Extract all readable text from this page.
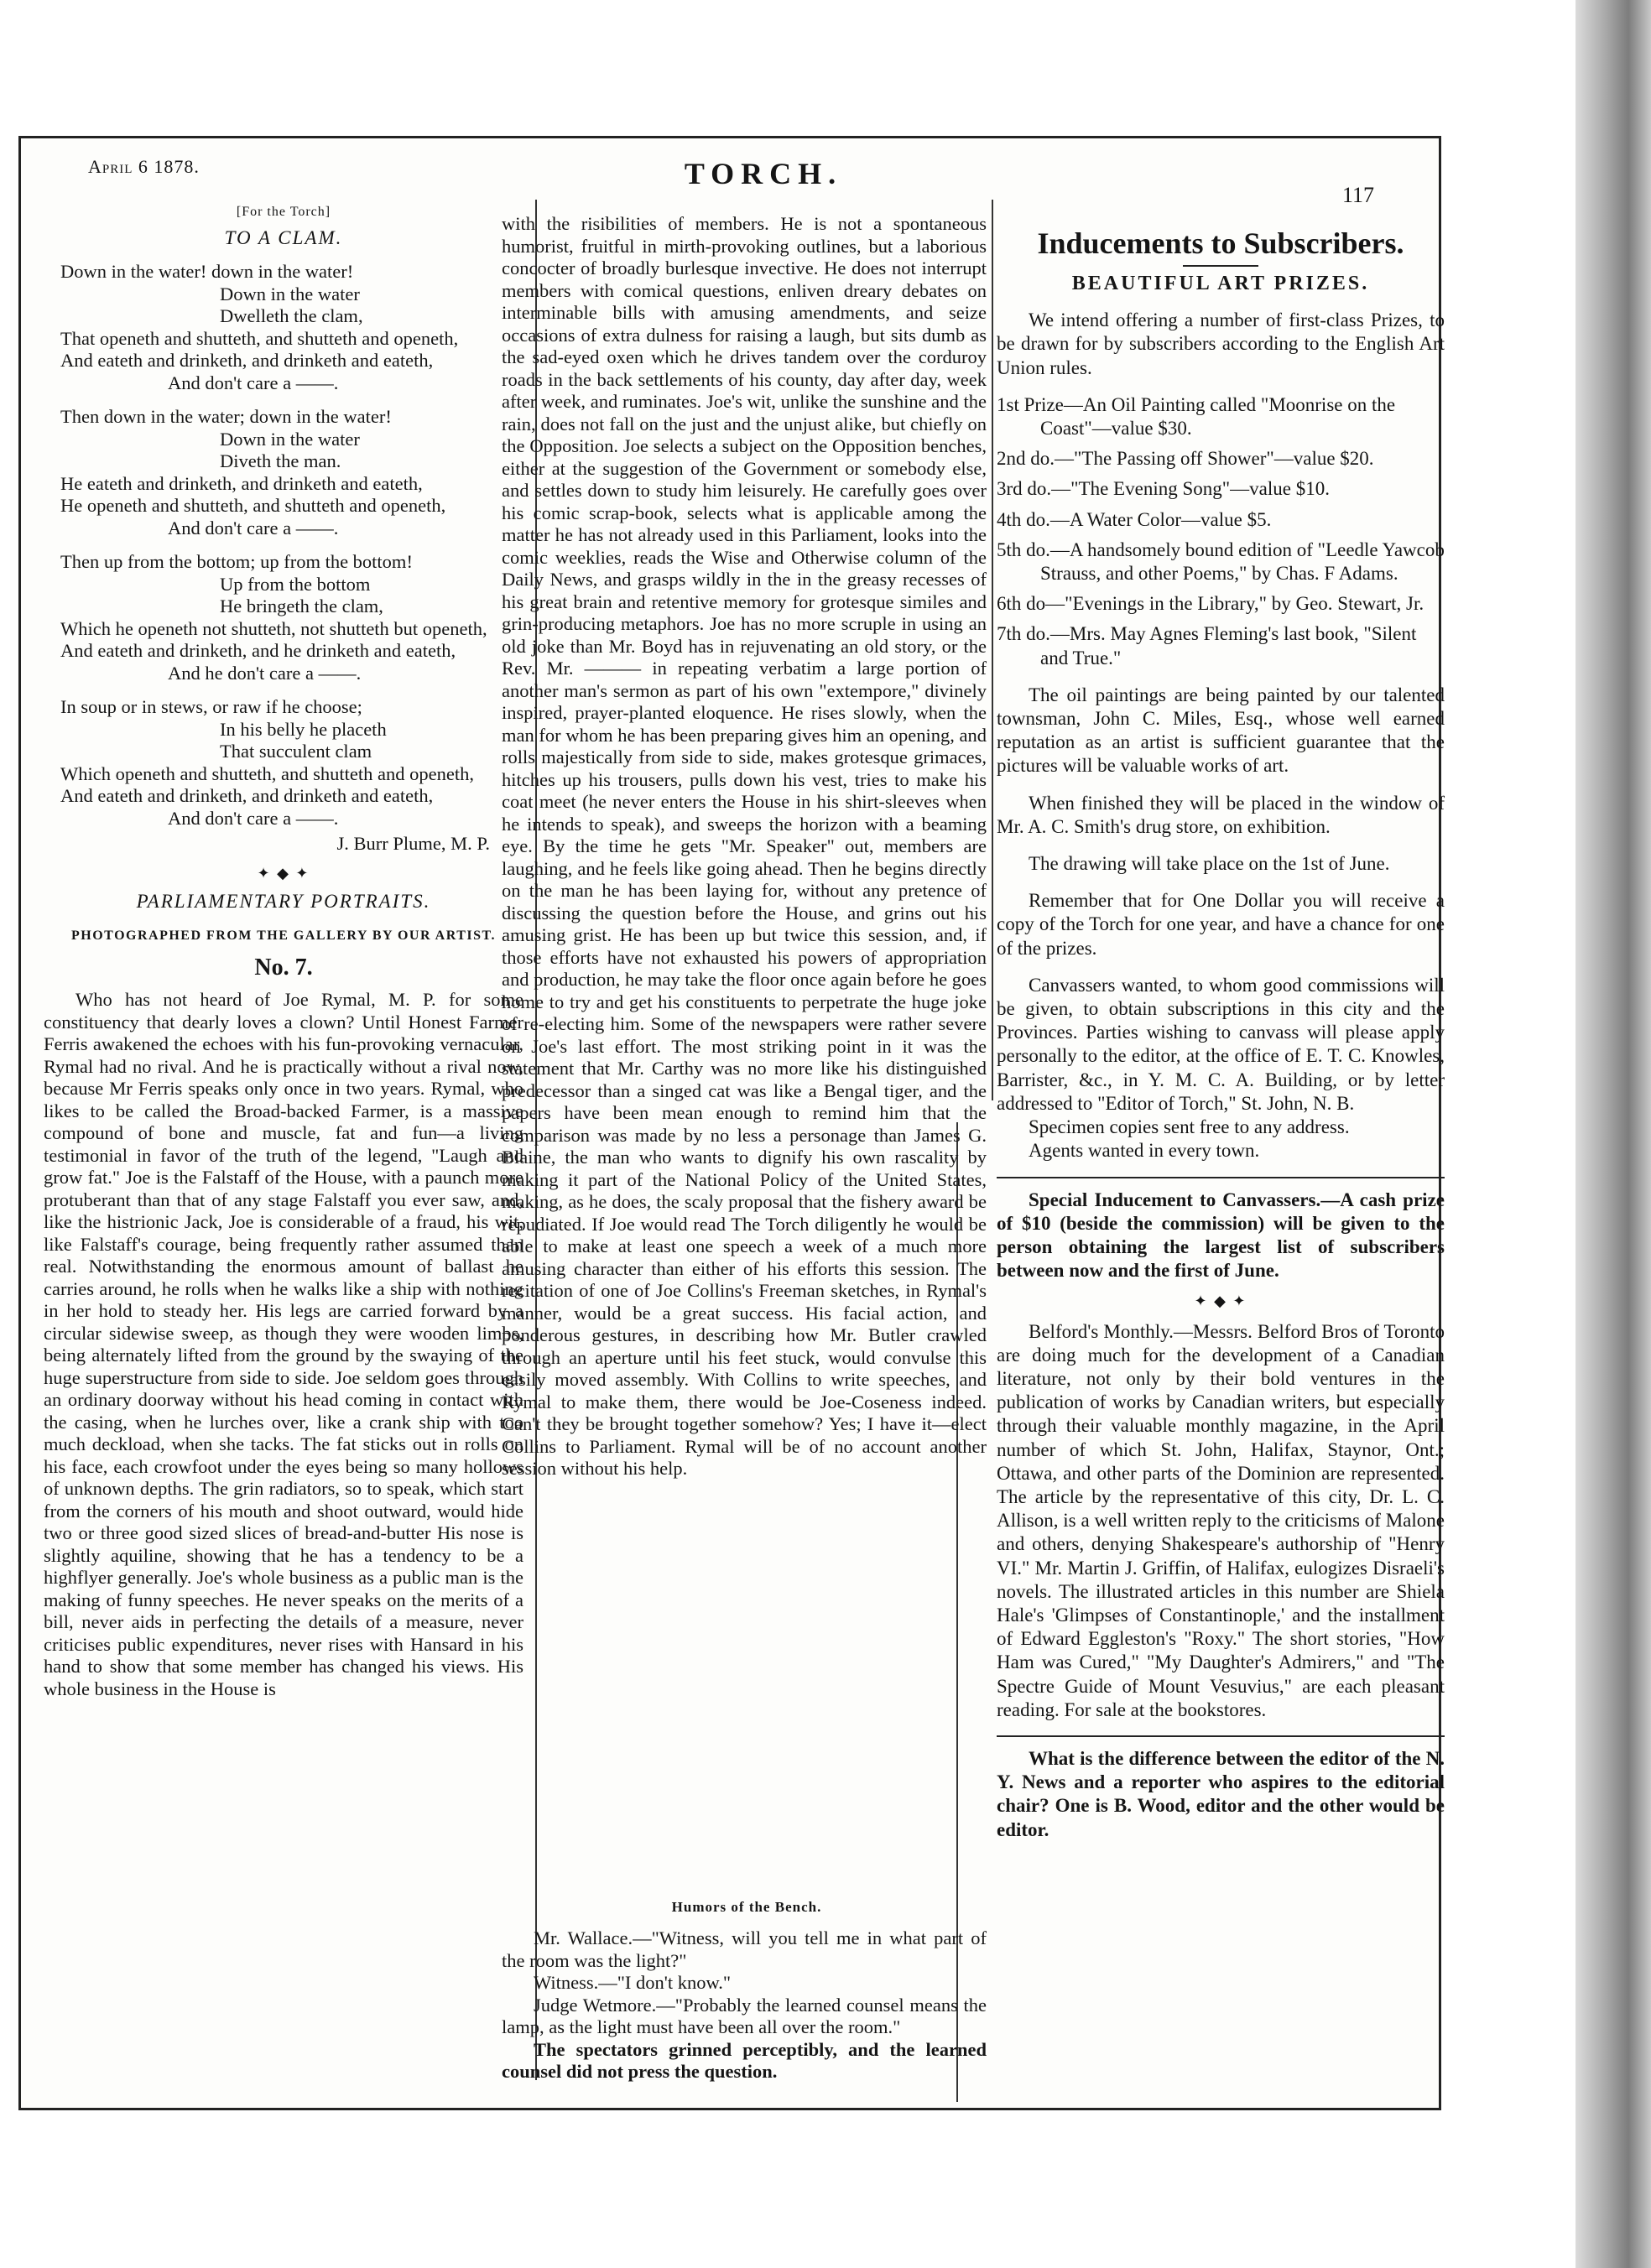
April 6 1878.	TORCH.
117

[For the Torch]

TO A CLAM.

Down in the water! down in the water!

Down in the water

Dwelleth the clam,

That openeth and shutteth, and shutteth and openeth,

And eateth and drinketh, and drinketh and eateth,

And don't care a ——.

Then down in the water; down in the water!

Down in the water

Diveth the man.

He eateth and drinketh, and drinketh and eateth,

He openeth and shutteth, and shutteth and openeth,

And don't care a ——.

Then up from the bottom; up from the bottom!

Up from the bottom

He bringeth the clam,

Which he openeth not shutteth, not shutteth but openeth,

And eateth and drinketh, and he drinketh and eateth,

And he don't care a ——.

In soup or in stews, or raw if he choose;

In his belly he placeth

That succulent clam

Which openeth and shutteth, and shutteth and openeth,

And eateth and drinketh, and drinketh and eateth,

And don't care a ——.

J. Burr Plume, M. P.

✦ ◆ ✦

PARLIAMENTARY PORTRAITS.

PHOTOGRAPHED FROM THE GALLERY BY OUR ARTIST.

No. 7.

Who has not heard of Joe Rymal, M. P. for some constituency that dearly loves a clown? Until Honest Farmer Ferris awakened the echoes with his fun-provoking vernacular, Rymal had no rival. And he is practically without a rival now, because Mr Ferris speaks only once in two years. Rymal, who likes to be called the Broad-backed Farmer, is a massive compound of bone and muscle, fat and fun—a living testimonial in favor of the truth of the legend, "Laugh and grow fat." Joe is the Falstaff of the House, with a paunch more protuberant than that of any stage Falstaff you ever saw, and, like the histrionic Jack, Joe is considerable of a fraud, his wit, like Falstaff's courage, being frequently rather assumed than real. Notwithstanding the enormous amount of ballast he carries around, he rolls when he walks like a ship with nothing in her hold to steady her. His legs are carried forward by a circular sidewise sweep, as though they were wooden limbs, being alternately lifted from the ground by the swaying of the huge superstructure from side to side. Joe seldom goes through an ordinary doorway without his head coming in contact with the casing, when he lurches over, like a crank ship with too much deckload, when she tacks. The fat sticks out in rolls on his face, each crowfoot under the eyes being so many hollows of unknown depths. The grin radiators, so to speak, which start from the corners of his mouth and shoot outward, would hide two or three good sized slices of bread-and-butter His nose is slightly aquiline, showing that he has a tendency to be a highflyer generally. Joe's whole business as a public man is the making of funny speeches. He never speaks on the merits of a bill, never aids in perfecting the details of a measure, never criticises public expenditures, never rises with Hansard in his hand to show that some member has changed his views. His whole business in the House is

with the risibilities of members. He is not a spontaneous humorist, fruitful in mirth-provoking outlines, but a laborious concocter of broadly burlesque invective. He does not interrupt members with comical questions, enliven dreary debates on interminable bills with amusing amendments, and seize occasions of extra dulness for raising a laugh, but sits dumb as the sad-eyed oxen which he drives tandem over the corduroy roads in the back settlements of his county, day after day, week after week, and ruminates. Joe's wit, unlike the sunshine and the rain, does not fall on the just and the unjust alike, but chiefly on the Opposition. Joe selects a subject on the Opposition benches, either at the suggestion of the Government or somebody else, and settles down to study him leisurely. He carefully goes over his comic scrap-book, selects what is applicable among the matter he has not already used in this Parliament, looks into the comic weeklies, reads the Wise and Otherwise column of the Daily News, and grasps wildly in the in the greasy recesses of his great brain and retentive memory for grotesque similes and grin-producing metaphors. Joe has no more scruple in using an old joke than Mr. Boyd has in rejuvenating an old story, or the Rev. Mr. ——— in repeating verbatim a large portion of another man's sermon as part of his own "extempore," divinely inspired, prayer-planted eloquence. He rises slowly, when the man for whom he has been preparing gives him an opening, and rolls majestically from side to side, makes grotesque grimaces, hitches up his trousers, pulls down his vest, tries to make his coat meet (he never enters the House in his shirt-sleeves when he intends to speak), and sweeps the horizon with a beaming eye. By the time he gets "Mr. Speaker" out, members are laughing, and he feels like going ahead. Then he begins directly on the man he has been laying for, without any pretence of discussing the question before the House, and grins out his amusing grist. He has been up but twice this session, and, if those efforts have not exhausted his powers of appropriation and production, he may take the floor once again before he goes home to try and get his constituents to perpetrate the huge joke of re-electing him. Some of the newspapers were rather severe on Joe's last effort. The most striking point in it was the statement that Mr. Carthy was no more like his distinguished predecessor than a singed cat was like a Bengal tiger, and the papers have been mean enough to remind him that the comparison was made by no less a personage than James G. Blaine, the man who wants to dignify his own rascality by making it part of the National Policy of the United States, making, as he does, the scaly proposal that the fishery award be repudiated. If Joe would read The Torch diligently he would be able to make at least one speech a week of a much more amusing character than either of his efforts this session. The recitation of one of Joe Collins's Freeman sketches, in Rymal's manner, would be a great success. His facial action, and ponderous gestures, in describing how Mr. Butler crawled through an aperture until his feet stuck, would convulse this easily moved assembly. With Collins to write speeches, and Rymal to make them, there would be Joe-Coseness indeed. Can't they be brought together somehow? Yes; I have it—elect Collins to Parliament. Rymal will be of no account another session without his help.

Humors of the Bench.

Mr. Wallace.—"Witness, will you tell me in what part of the room was the light?"

Witness.—"I don't know."

Judge Wetmore.—"Probably the learned counsel means the lamp, as the light must have been all over the room."

The spectators grinned perceptibly, and the learned counsel did not press the question.

Inducements to Subscribers.

BEAUTIFUL ART PRIZES.

We intend offering a number of first-class Prizes, to be drawn for by subscribers according to the English Art Union rules.

1st Prize—An Oil Painting called "Moonrise on the Coast"—value $30.

2nd do.—"The Passing off Shower"—value $20.

3rd do.—"The Evening Song"—value $10.

4th do.—A Water Color—value $5.

5th do.—A handsomely bound edition of "Leedle Yawcob Strauss, and other Poems," by Chas. F Adams.

6th do—"Evenings in the Library," by Geo. Stewart, Jr.

7th do.—Mrs. May Agnes Fleming's last book, "Silent and True."

The oil paintings are being painted by our talented townsman, John C. Miles, Esq., whose well earned reputation as an artist is sufficient guarantee that the pictures will be valuable works of art.

When finished they will be placed in the window of Mr. A. C. Smith's drug store, on exhibition.

The drawing will take place on the 1st of June.

Remember that for One Dollar you will receive a copy of the Torch for one year, and have a chance for one of the prizes.

Canvassers wanted, to whom good commissions will be given, to obtain subscriptions in this city and the Provinces. Parties wishing to canvass will please apply personally to the editor, at the office of E. T. C. Knowles, Barrister, &c., in Y. M. C. A. Building, or by letter addressed to "Editor of Torch," St. John, N. B.

Specimen copies sent free to any address.

Agents wanted in every town.

Special Inducement to Canvassers.—A cash prize of $10 (beside the commission) will be given to the person obtaining the largest list of subscribers between now and the first of June.

✦ ◆ ✦

Belford's Monthly.—Messrs. Belford Bros of Toronto are doing much for the development of a Canadian literature, not only by their bold ventures in the publication of works by Canadian writers, but especially through their valuable monthly magazine, in the April number of which St. John, Halifax, Staynor, Ont.; Ottawa, and other parts of the Dominion are represented. The article by the representative of this city, Dr. L. C. Allison, is a well written reply to the criticisms of Malone and others, denying Shakespeare's authorship of "Henry VI." Mr. Martin J. Griffin, of Halifax, eulogizes Disraeli's novels. The illustrated articles in this number are Shiela Hale's 'Glimpses of Constantinople,' and the installment of Edward Eggleston's "Roxy." The short stories, "How Ham was Cured," "My Daughter's Admirers," and "The Spectre Guide of Mount Vesuvius," are each pleasant reading. For sale at the bookstores.

What is the difference between the editor of the N. Y. News and a reporter who aspires to the editorial chair? One is B. Wood, editor and the other would be editor.
